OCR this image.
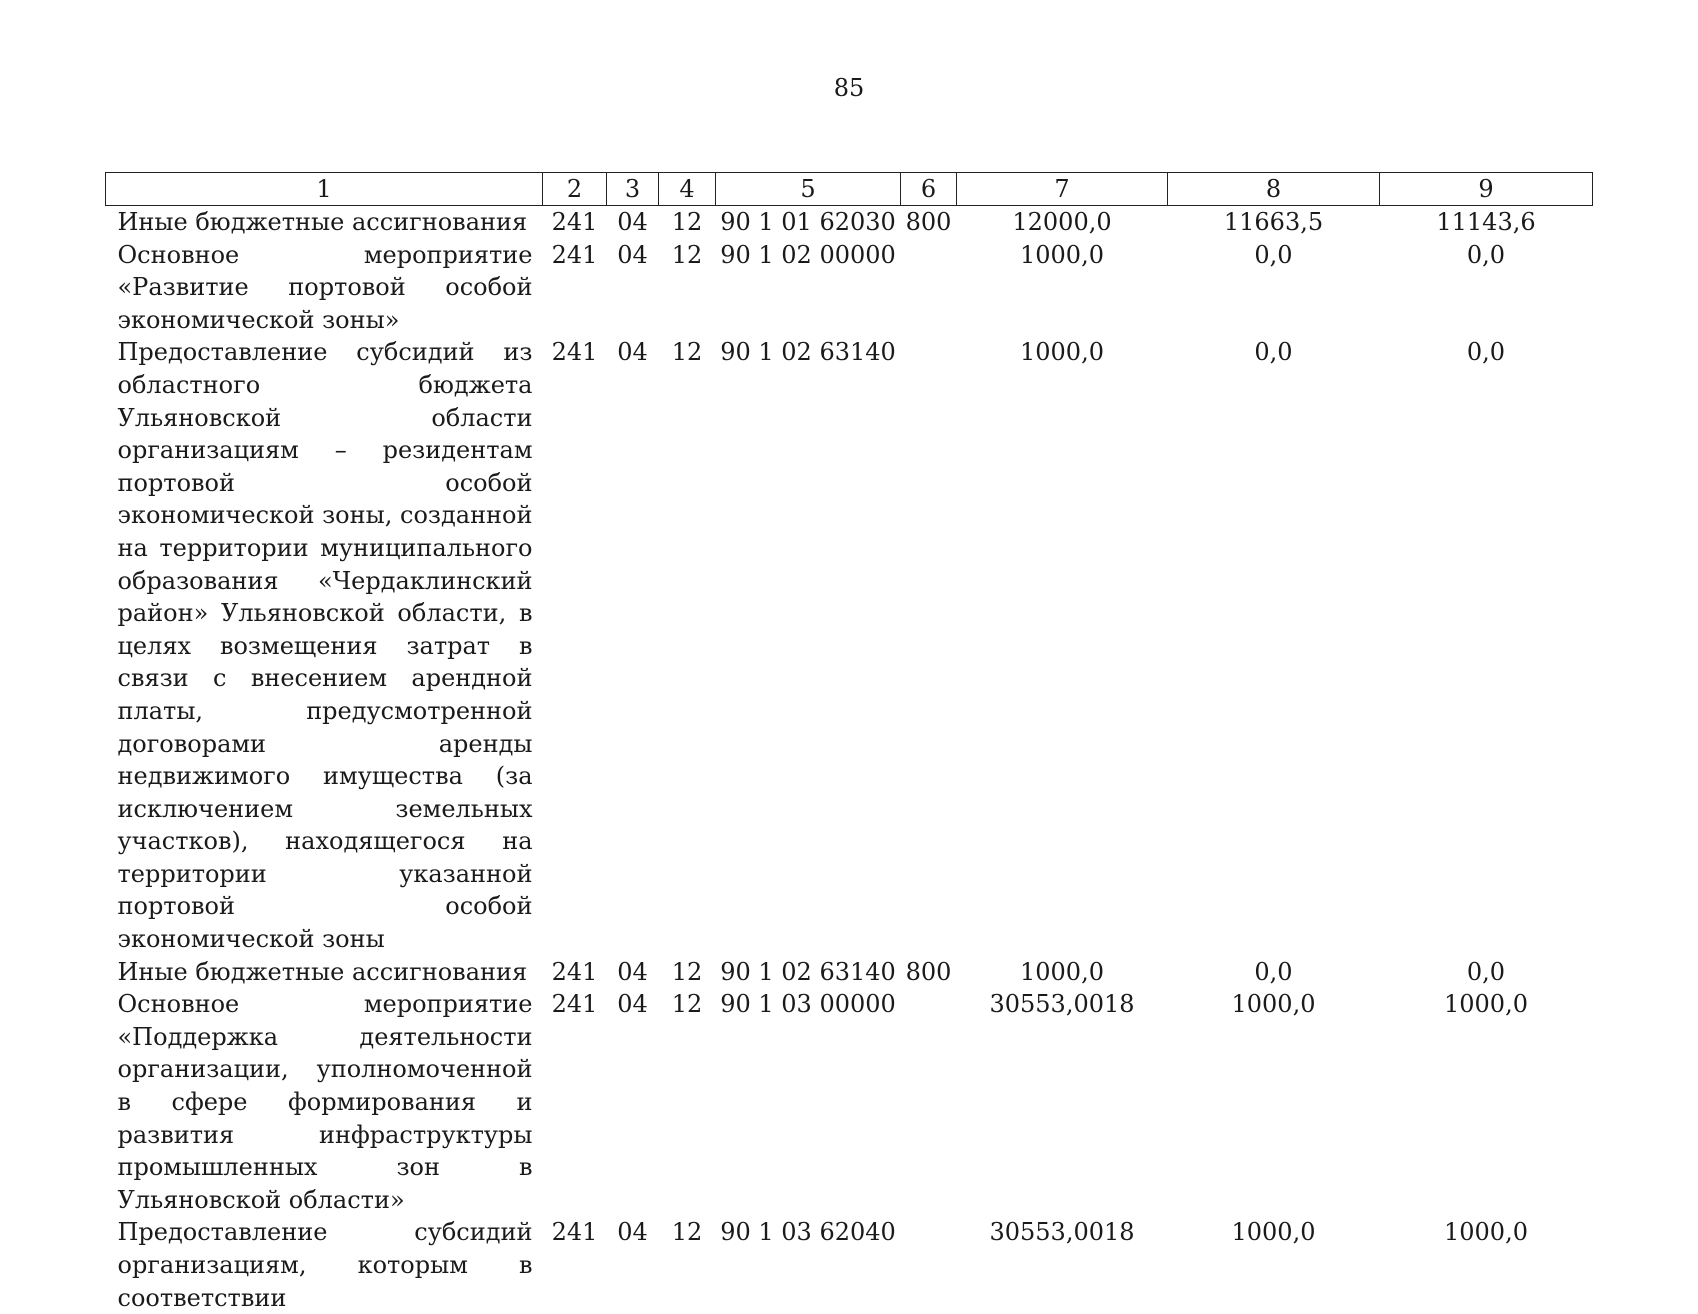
85
1	2	3	4	5	6	7	8	9
Иные бюджетные ассигнования	241	04	12	90 1 01 62030	800	12000,0	11663,5	11143,6
Основное мероприятие «Развитие портовой особой экономической зоны»	241	04	12	90 1 02 00000		1000,0	0,0	0,0
Предоставление субсидий из областного бюджета Ульяновской области организациям – резидентам портовой особой экономической зоны, созданной на территории муниципального образования «Чердаклинский район» Ульяновской области, в целях возмещения затрат в связи с внесением арендной платы, предусмотренной договорами аренды недвижимого имущества (за исключением земельных участков), находящегося на территории указанной портовой особой экономической зоны	241	04	12	90 1 02 63140		1000,0	0,0	0,0
Иные бюджетные ассигнования	241	04	12	90 1 02 63140	800	1000,0	0,0	0,0
Основное мероприятие «Поддержка деятельности организации, уполномоченной в сфере формирования и развития инфраструктуры промышленных зон в Ульяновской области»	241	04	12	90 1 03 00000		30553,0018	1000,0	1000,0
Предоставление субсидий организациям, которым в соответствии	241	04	12	90 1 03 62040		30553,0018	1000,0	1000,0
